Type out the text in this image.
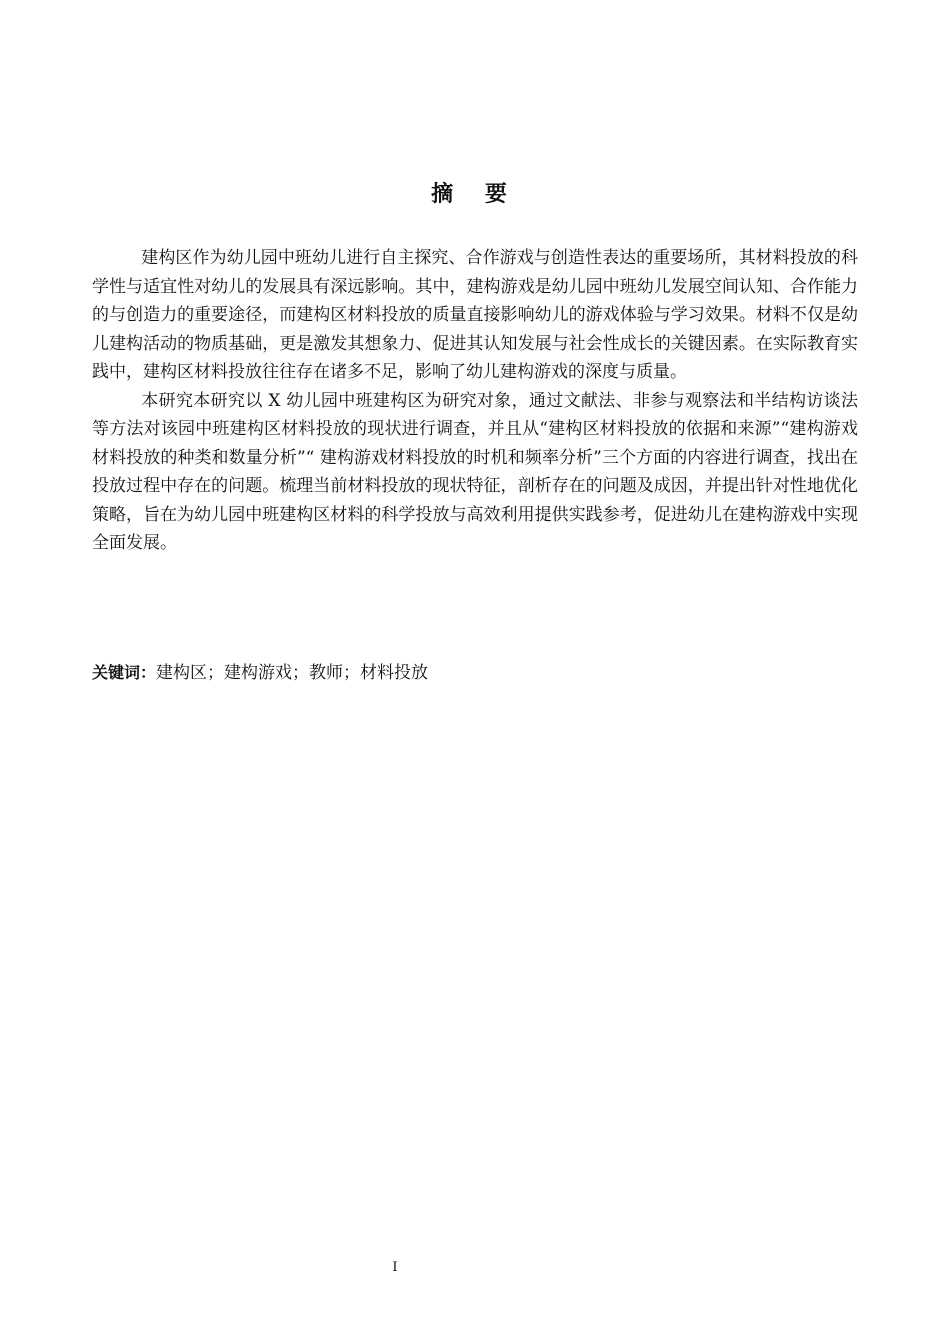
摘 要

建构区作为幼儿园中班幼儿进行自主探究、合作游戏与创造性表达的重要场所，其材料投放的科学性与适宜性对幼儿的发展具有深远影响。其中，建构游戏是幼儿园中班幼儿发展空间认知、合作能力的与创造力的重要途径，而建构区材料投放的质量直接影响幼儿的游戏体验与学习效果。材料不仅是幼儿建构活动的物质基础，更是激发其想象力、促进其认知发展与社会性成长的关键因素。在实际教育实践中，建构区材料投放往往存在诸多不足，影响了幼儿建构游戏的深度与质量。

本研究本研究以 X 幼儿园中班建构区为研究对象，通过文献法、非参与观察法和半结构访谈法等方法对该园中班建构区材料投放的现状进行调查，并且从“建构区材料投放的依据和来源”“建构游戏材料投放的种类和数量分析”“ 建构游戏材料投放的时机和频率分析”三个方面的内容进行调查，找出在投放过程中存在的问题。梳理当前材料投放的现状特征，剖析存在的问题及成因，并提出针对性地优化策略，旨在为幼儿园中班建构区材料的科学投放与高效利用提供实践参考，促进幼儿在建构游戏中实现全面发展。

关键词：建构区；建构游戏；教师；材料投放
I
